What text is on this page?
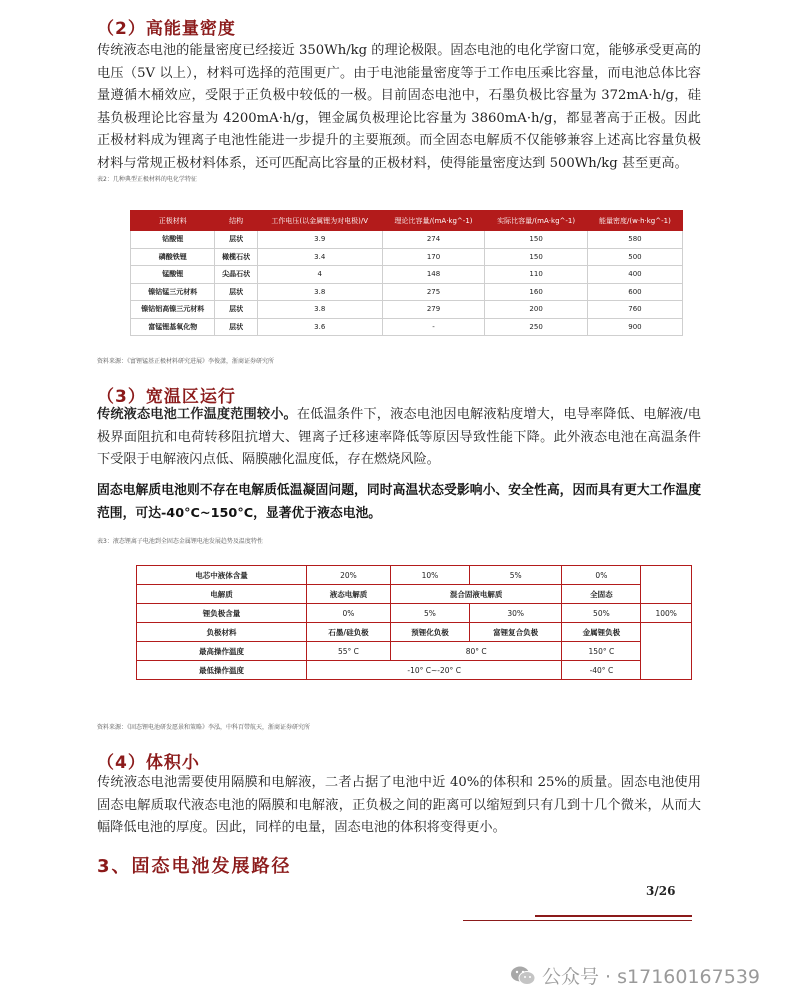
（2）高能量密度

传统液态电池的能量密度已经接近 350Wh/kg 的理论极限。固态电池的电化学窗口宽，能够承受更高的电压（5V 以上），材料可选择的范围更广。由于电池能量密度等于工作电压乘比容量，而电池总体比容量遵循木桶效应，受限于正负极中较低的一极。目前固态电池中，石墨负极比容量为 372mA·h/g，硅基负极理论比容量为 4200mA·h/g，锂金属负极理论比容量为 3860mA·h/g，都显著高于正极。因此正极材料成为锂离子电池性能进一步提升的主要瓶颈。而全固态电解质不仅能够兼容上述高比容量负极材料与常规正极材料体系，还可匹配高比容量的正极材料，使得能量密度达到 500Wh/kg 甚至更高。

表2：几种典型正极材料的电化学特征
正极材料	结构	工作电压(以金属锂为对电极)/V	理论比容量/(mA·kg^-1)	实际比容量/(mA·kg^-1)	能量密度/(w·h·kg^-1)
钴酸锂	层状	3.9	274	150	580
磷酸铁锂	橄榄石状	3.4	170	150	500
锰酸锂	尖晶石状	4	148	110	400
镍钴锰三元材料	层状	3.8	275	160	600
镍钴铝高镍三元材料	层状	3.8	279	200	760
富锰锂基氧化物	层状	3.6	-	250	900
资料来源：《富锂锰基正极材料研究进展》李俊潇，浙商证券研究所
（3）宽温区运行

传统液态电池工作温度范围较小。在低温条件下，液态电池因电解液粘度增大，电导率降低、电解液/电极界面阻抗和电荷转移阻抗增大、锂离子迁移速率降低等原因导致性能下降。此外液态电池在高温条件下受限于电解液闪点低、隔膜融化温度低，存在燃烧风险。

固态电解质电池则不存在电解质低温凝固问题，同时高温状态受影响小、安全性高，因而具有更大工作温度范围，可达-40°C~150°C，显著优于液态电池。

表3：液态锂离子电池到全固态金属锂电池发展趋势及温度特性
电芯中液体含量	20%	10%	5%	0%	
电解质	液态电解质	混合固液电解质		全固态	
锂负极含量	0%	5%	30%	50%	100%
负极材料	石墨/硅负极	预锂化负极	富锂复合负极	金属锂负极	
最高操作温度	55° C	80° C		150° C	
最低操作温度	-10° C~-20° C			-40° C	
资料来源：《固态锂电池研发愿景和策略》李泓，中科百带航天，浙商证券研究所
（4）体积小

传统液态电池需要使用隔膜和电解液，二者占据了电池中近 40%的体积和 25%的质量。固态电池使用固态电解质取代液态电池的隔膜和电解液，正负极之间的距离可以缩短到只有几到十几个微米，从而大幅降低电池的厚度。因此，同样的电量，固态电池的体积将变得更小。

3、固态电池发展路径
3/26
公众号 · s17160167539
